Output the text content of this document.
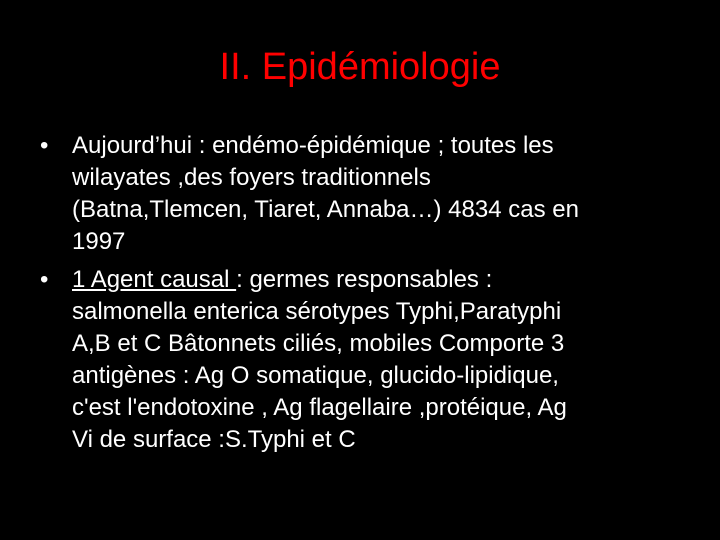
II. Epidémiologie
• Aujourd’hui : endémo-épidémique ; toutes les
wilayates ,des foyers traditionnels
(Batna,Tlemcen, Tiaret, Annaba…) 4834 cas en
1997
• 1 Agent causal : germes responsables :
salmonella enterica sérotypes Typhi,Paratyphi
A,B et C Bâtonnets ciliés, mobiles Comporte 3
antigènes : Ag O somatique, glucido-lipidique,
c'est l'endotoxine , Ag flagellaire ,protéique, Ag
Vi de surface :S.Typhi et C
